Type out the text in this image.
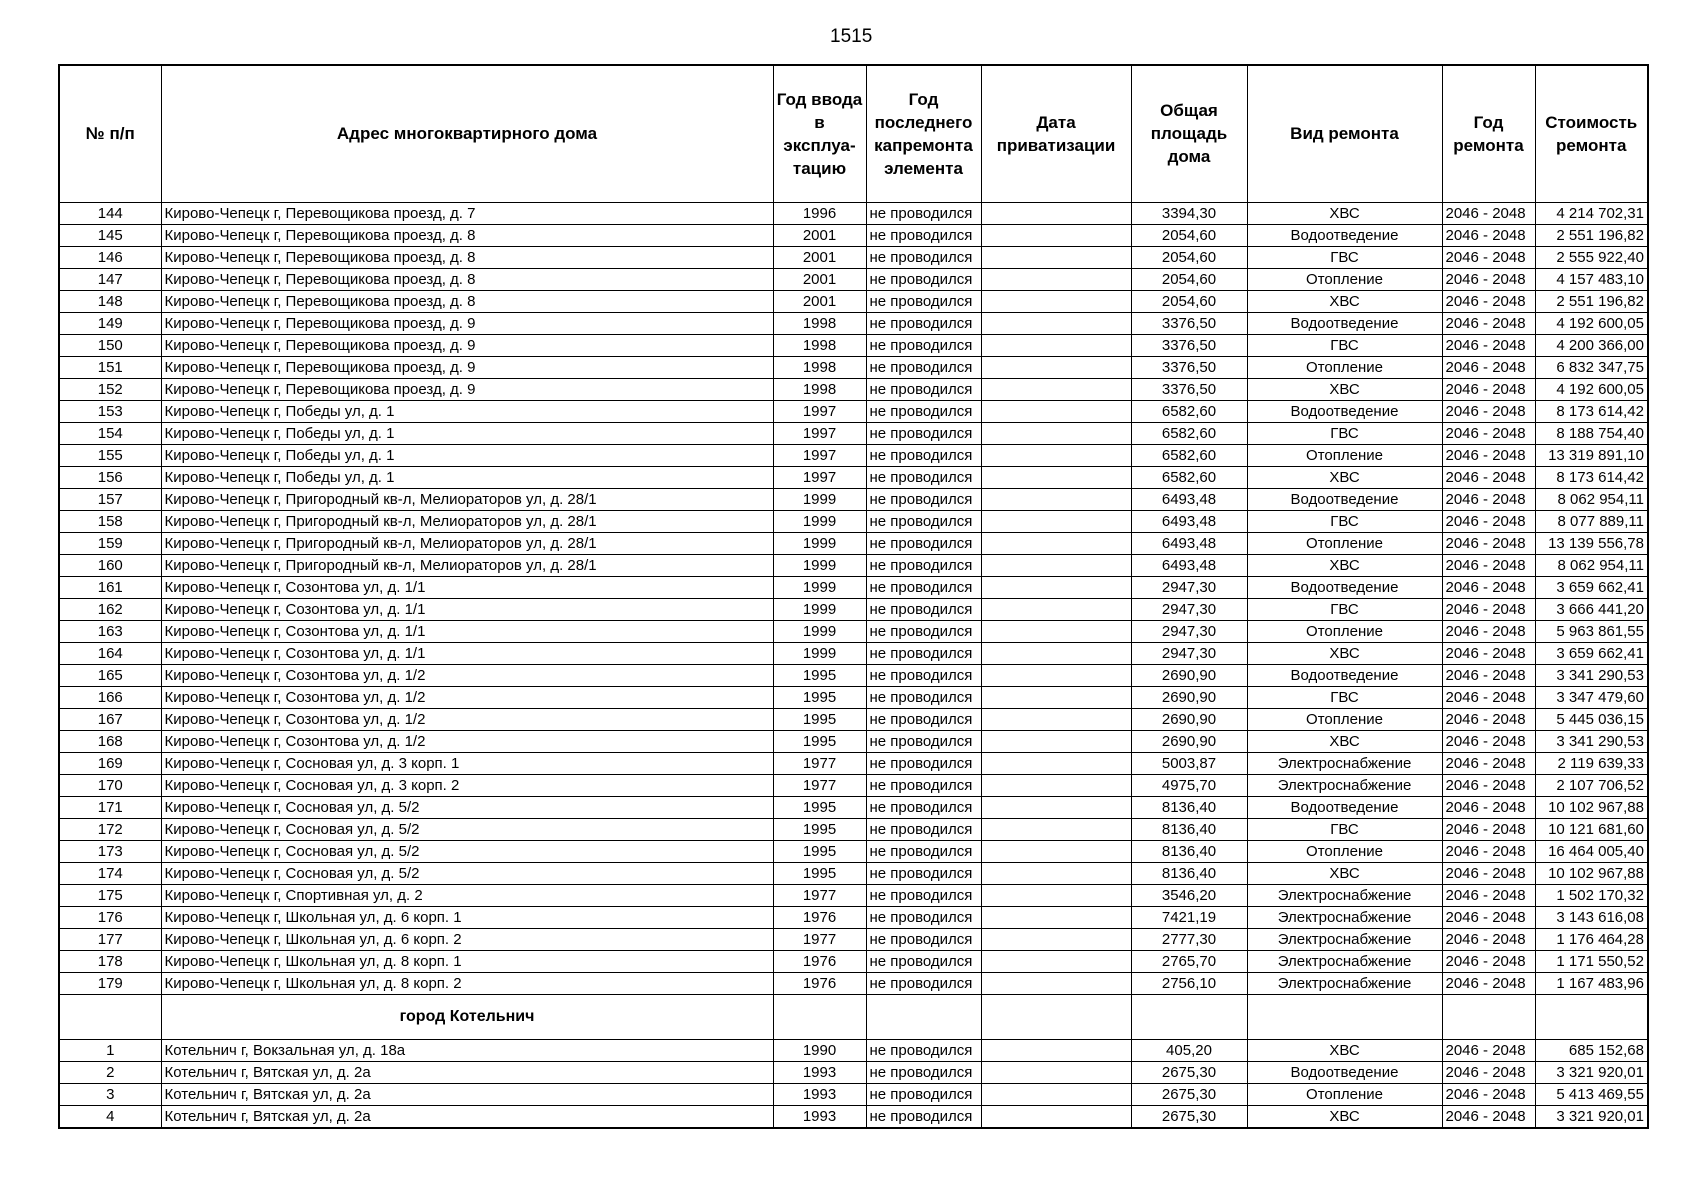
1515
№ п/п	Адрес многоквартирного дома	Год ввода в эксплуа- тацию	Год последнего капремонта элемента	Дата приватизации	Общая площадь дома	Вид ремонта	Год ремонта	Стоимость ремонта
144	Кирово-Чепецк г, Перевощикова проезд, д. 7	1996	не проводился		3394,30	ХВС	2046 - 2048	4 214 702,31
145	Кирово-Чепецк г, Перевощикова проезд, д. 8	2001	не проводился		2054,60	Водоотведение	2046 - 2048	2 551 196,82
146	Кирово-Чепецк г, Перевощикова проезд, д. 8	2001	не проводился		2054,60	ГВС	2046 - 2048	2 555 922,40
147	Кирово-Чепецк г, Перевощикова проезд, д. 8	2001	не проводился		2054,60	Отопление	2046 - 2048	4 157 483,10
148	Кирово-Чепецк г, Перевощикова проезд, д. 8	2001	не проводился		2054,60	ХВС	2046 - 2048	2 551 196,82
149	Кирово-Чепецк г, Перевощикова проезд, д. 9	1998	не проводился		3376,50	Водоотведение	2046 - 2048	4 192 600,05
150	Кирово-Чепецк г, Перевощикова проезд, д. 9	1998	не проводился		3376,50	ГВС	2046 - 2048	4 200 366,00
151	Кирово-Чепецк г, Перевощикова проезд, д. 9	1998	не проводился		3376,50	Отопление	2046 - 2048	6 832 347,75
152	Кирово-Чепецк г, Перевощикова проезд, д. 9	1998	не проводился		3376,50	ХВС	2046 - 2048	4 192 600,05
153	Кирово-Чепецк г, Победы ул, д. 1	1997	не проводился		6582,60	Водоотведение	2046 - 2048	8 173 614,42
154	Кирово-Чепецк г, Победы ул, д. 1	1997	не проводился		6582,60	ГВС	2046 - 2048	8 188 754,40
155	Кирово-Чепецк г, Победы ул, д. 1	1997	не проводился		6582,60	Отопление	2046 - 2048	13 319 891,10
156	Кирово-Чепецк г, Победы ул, д. 1	1997	не проводился		6582,60	ХВС	2046 - 2048	8 173 614,42
157	Кирово-Чепецк г, Пригородный кв-л, Мелиораторов ул, д. 28/1	1999	не проводился		6493,48	Водоотведение	2046 - 2048	8 062 954,11
158	Кирово-Чепецк г, Пригородный кв-л, Мелиораторов ул, д. 28/1	1999	не проводился		6493,48	ГВС	2046 - 2048	8 077 889,11
159	Кирово-Чепецк г, Пригородный кв-л, Мелиораторов ул, д. 28/1	1999	не проводился		6493,48	Отопление	2046 - 2048	13 139 556,78
160	Кирово-Чепецк г, Пригородный кв-л, Мелиораторов ул, д. 28/1	1999	не проводился		6493,48	ХВС	2046 - 2048	8 062 954,11
161	Кирово-Чепецк г, Созонтова ул, д. 1/1	1999	не проводился		2947,30	Водоотведение	2046 - 2048	3 659 662,41
162	Кирово-Чепецк г, Созонтова ул, д. 1/1	1999	не проводился		2947,30	ГВС	2046 - 2048	3 666 441,20
163	Кирово-Чепецк г, Созонтова ул, д. 1/1	1999	не проводился		2947,30	Отопление	2046 - 2048	5 963 861,55
164	Кирово-Чепецк г, Созонтова ул, д. 1/1	1999	не проводился		2947,30	ХВС	2046 - 2048	3 659 662,41
165	Кирово-Чепецк г, Созонтова ул, д. 1/2	1995	не проводился		2690,90	Водоотведение	2046 - 2048	3 341 290,53
166	Кирово-Чепецк г, Созонтова ул, д. 1/2	1995	не проводился		2690,90	ГВС	2046 - 2048	3 347 479,60
167	Кирово-Чепецк г, Созонтова ул, д. 1/2	1995	не проводился		2690,90	Отопление	2046 - 2048	5 445 036,15
168	Кирово-Чепецк г, Созонтова ул, д. 1/2	1995	не проводился		2690,90	ХВС	2046 - 2048	3 341 290,53
169	Кирово-Чепецк г, Сосновая ул, д. 3 корп. 1	1977	не проводился		5003,87	Электроснабжение	2046 - 2048	2 119 639,33
170	Кирово-Чепецк г, Сосновая ул, д. 3 корп. 2	1977	не проводился		4975,70	Электроснабжение	2046 - 2048	2 107 706,52
171	Кирово-Чепецк г, Сосновая ул, д. 5/2	1995	не проводился		8136,40	Водоотведение	2046 - 2048	10 102 967,88
172	Кирово-Чепецк г, Сосновая ул, д. 5/2	1995	не проводился		8136,40	ГВС	2046 - 2048	10 121 681,60
173	Кирово-Чепецк г, Сосновая ул, д. 5/2	1995	не проводился		8136,40	Отопление	2046 - 2048	16 464 005,40
174	Кирово-Чепецк г, Сосновая ул, д. 5/2	1995	не проводился		8136,40	ХВС	2046 - 2048	10 102 967,88
175	Кирово-Чепецк г, Спортивная ул, д. 2	1977	не проводился		3546,20	Электроснабжение	2046 - 2048	1 502 170,32
176	Кирово-Чепецк г, Школьная ул, д. 6 корп. 1	1976	не проводился		7421,19	Электроснабжение	2046 - 2048	3 143 616,08
177	Кирово-Чепецк г, Школьная ул, д. 6 корп. 2	1977	не проводился		2777,30	Электроснабжение	2046 - 2048	1 176 464,28
178	Кирово-Чепецк г, Школьная ул, д. 8 корп. 1	1976	не проводился		2765,70	Электроснабжение	2046 - 2048	1 171 550,52
179	Кирово-Чепецк г, Школьная ул, д. 8 корп. 2	1976	не проводился		2756,10	Электроснабжение	2046 - 2048	1 167 483,96
	город Котельнич							
1	Котельнич г, Вокзальная ул, д. 18а	1990	не проводился		405,20	ХВС	2046 - 2048	685 152,68
2	Котельнич г, Вятская ул, д. 2а	1993	не проводился		2675,30	Водоотведение	2046 - 2048	3 321 920,01
3	Котельнич г, Вятская ул, д. 2а	1993	не проводился		2675,30	Отопление	2046 - 2048	5 413 469,55
4	Котельнич г, Вятская ул, д. 2а	1993	не проводился		2675,30	ХВС	2046 - 2048	3 321 920,01
